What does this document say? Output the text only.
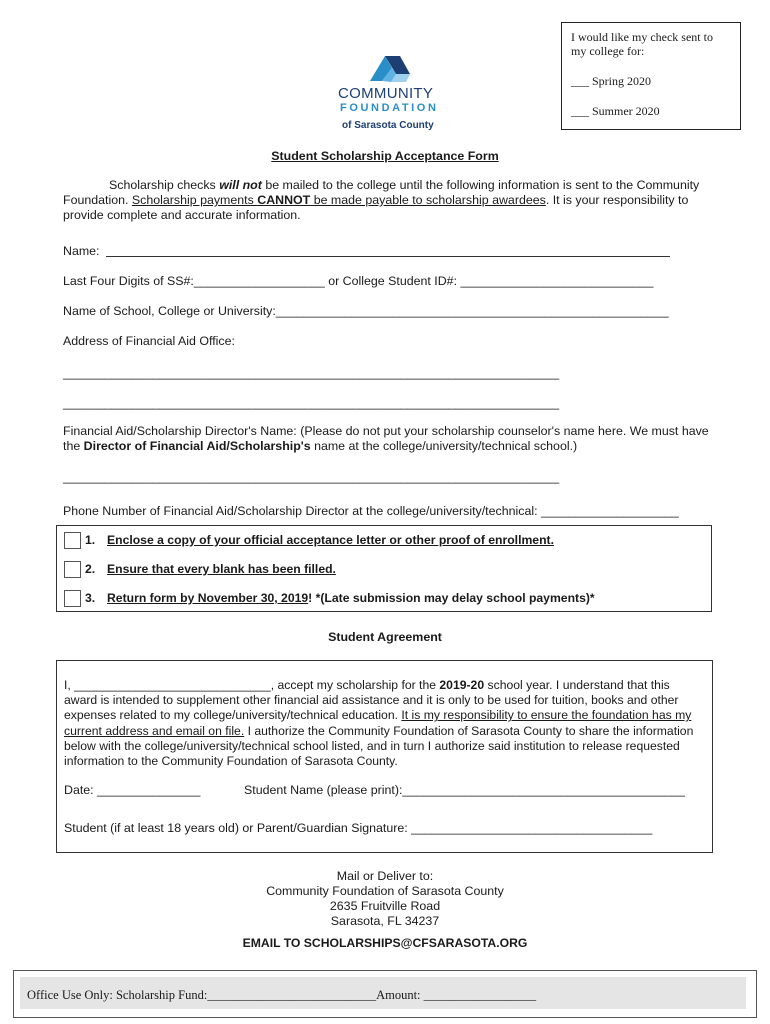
COMMUNITY
FOUNDATION
of Sarasota County
I would like my check sent to
my college for:
___ Spring 2020
___ Summer 2020
Student Scholarship Acceptance Form
Scholarship checks will not be mailed to the college until the following information is sent to the Community Foundation. Scholarship payments CANNOT be made payable to scholarship awardees. It is your responsibility to provide complete and accurate information.
Name:
Last Four Digits of SS#:___________________ or College Student ID#: ____________________________
Name of School, College or University:_________________________________________________________
Address of Financial Aid Office:
________________________________________________________________________
________________________________________________________________________
Financial Aid/Scholarship Director's Name: (Please do not put your scholarship counselor's name here. We must have the Director of Financial Aid/Scholarship's name at the college/university/technical school.)
________________________________________________________________________
Phone Number of Financial Aid/Scholarship Director at the college/university/technical: ____________________
1. Enclose a copy of your official acceptance letter or other proof of enrollment.
2. Ensure that every blank has been filled.
3. Return form by November 30, 2019! *(Late submission may delay school payments)*
Student Agreement
I, _____________________________, accept my scholarship for the 2019-20 school year. I understand that this award is intended to supplement other financial aid assistance and it is only to be used for tuition, books and other expenses related to my college/university/technical education. It is my responsibility to ensure the foundation has my current address and email on file. I authorize the Community Foundation of Sarasota County to share the information below with the college/university/technical school listed, and in turn I authorize said institution to release requested information to the Community Foundation of Sarasota County.
Date: _______________	Student Name (please print):_________________________________________
Student (if at least 18 years old) or Parent/Guardian Signature: ___________________________________
Mail or Deliver to:
Community Foundation of Sarasota County
2635 Fruitville Road
Sarasota, FL 34237
EMAIL TO SCHOLARSHIPS@CFSARASOTA.ORG
Office Use Only: Scholarship Fund:___________________________Amount: __________________
